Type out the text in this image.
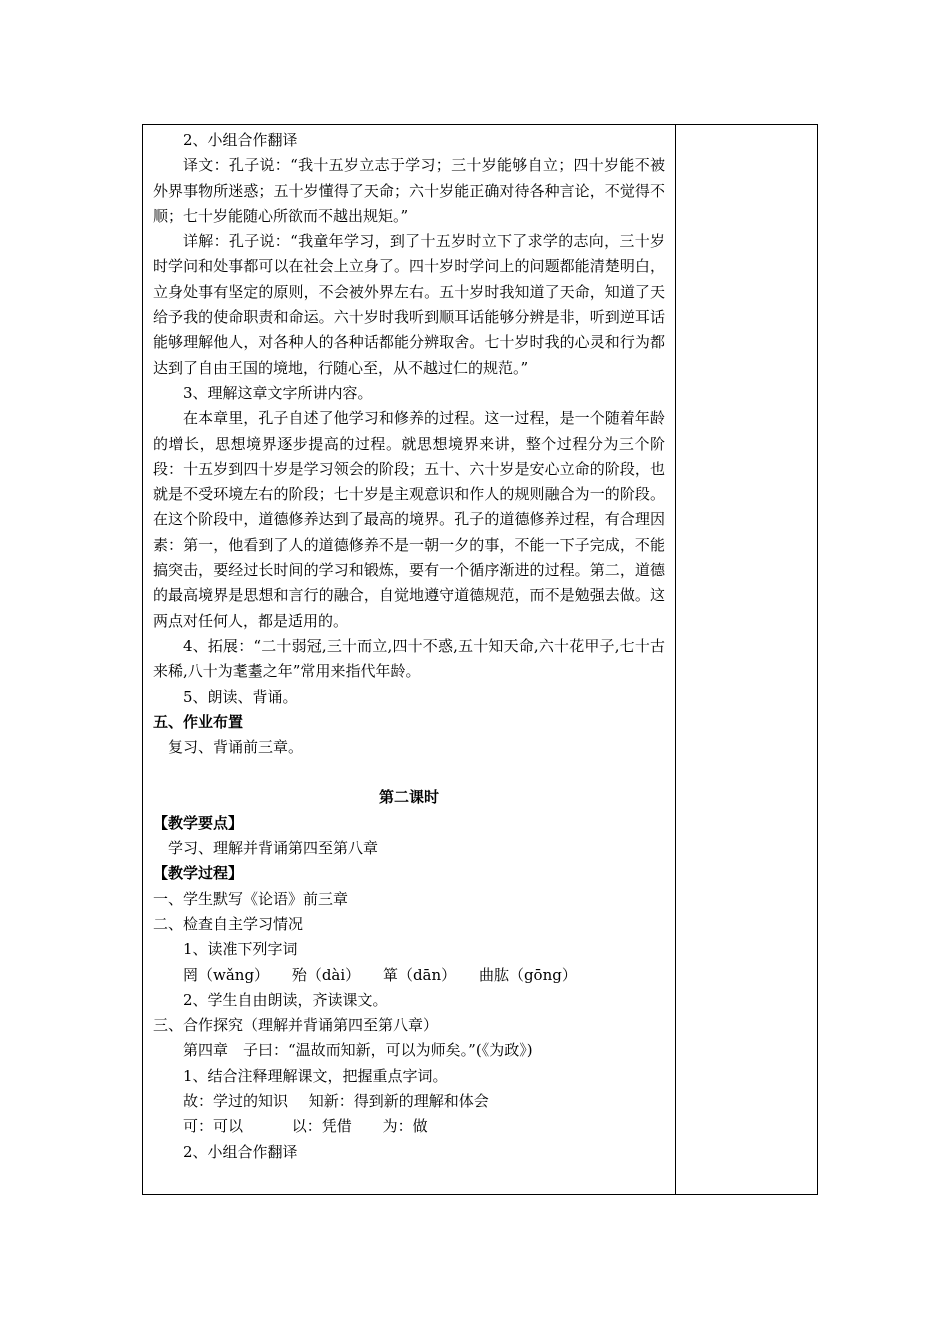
2、小组合作翻译

译文：孔子说：“我十五岁立志于学习；三十岁能够自立；四十岁能不被外界事物所迷惑；五十岁懂得了天命；六十岁能正确对待各种言论，不觉得不顺；七十岁能随心所欲而不越出规矩。”

详解：孔子说：“我童年学习，到了十五岁时立下了求学的志向，三十岁时学问和处事都可以在社会上立身了。四十岁时学问上的问题都能清楚明白，立身处事有坚定的原则，不会被外界左右。五十岁时我知道了天命，知道了天给予我的使命职责和命运。六十岁时我听到顺耳话能够分辨是非，听到逆耳话能够理解他人，对各种人的各种话都能分辨取舍。七十岁时我的心灵和行为都达到了自由王国的境地，行随心至，从不越过仁的规范。”

3、理解这章文字所讲内容。

在本章里，孔子自述了他学习和修养的过程。这一过程，是一个随着年龄的增长，思想境界逐步提高的过程。就思想境界来讲，整个过程分为三个阶段：十五岁到四十岁是学习领会的阶段；五十、六十岁是安心立命的阶段，也就是不受环境左右的阶段；七十岁是主观意识和作人的规则融合为一的阶段。在这个阶段中，道德修养达到了最高的境界。孔子的道德修养过程，有合理因素：第一，他看到了人的道德修养不是一朝一夕的事，不能一下子完成，不能搞突击，要经过长时间的学习和锻炼，要有一个循序渐进的过程。第二，道德的最高境界是思想和言行的融合，自觉地遵守道德规范，而不是勉强去做。这两点对任何人，都是适用的。

4、拓展：“二十弱冠,三十而立,四十不惑,五十知天命,六十花甲子,七十古来稀,八十为耄耋之年”常用来指代年龄。

5、朗读、背诵。

五、作业布置

复习、背诵前三章。

第二课时

【教学要点】

学习、理解并背诵第四至第八章

【教学过程】

一、学生默写《论语》前三章

二、检查自主学习情况

1、读准下列字词

罔（wǎng） 殆（dài） 箪（dān） 曲肱（gōng）

2、学生自由朗读，齐读课文。

三、合作探究（理解并背诵第四至第八章）

第四章　子曰：“温故而知新，可以为师矣。”(《为政》)

1、结合注释理解课文，把握重点字词。

故：学过的知识 知新：得到新的理解和体会

可：可以	以：凭借 为：做

2、小组合作翻译
